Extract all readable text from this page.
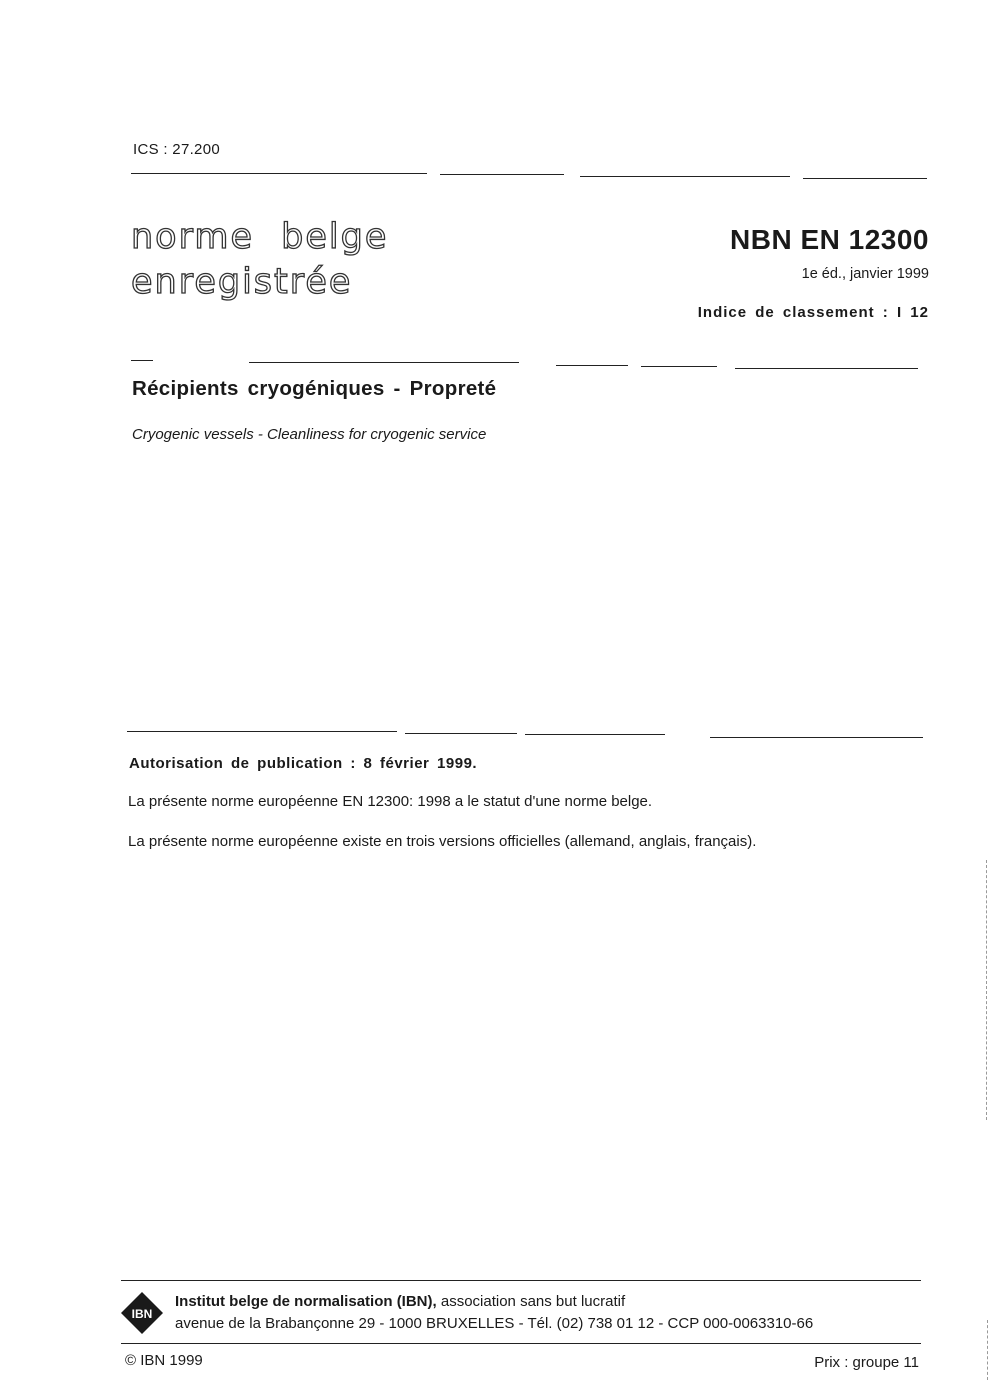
ICS : 27.200
norme belge
enregistrée
NBN EN 12300
1e éd., janvier 1999
Indice de classement : I 12
Récipients cryogéniques - Propreté
Cryogenic vessels - Cleanliness for cryogenic service
Autorisation de publication : 8 février 1999.
La présente norme européenne EN 12300: 1998 a le statut d'une norme belge.
La présente norme européenne existe en trois versions officielles (allemand, anglais, français).
IBN
Institut belge de normalisation (IBN), association sans but lucratif
avenue de la Brabançonne 29 - 1000 BRUXELLES - Tél. (02) 738 01 12 - CCP 000-0063310-66
© IBN 1999	Prix : groupe 11
